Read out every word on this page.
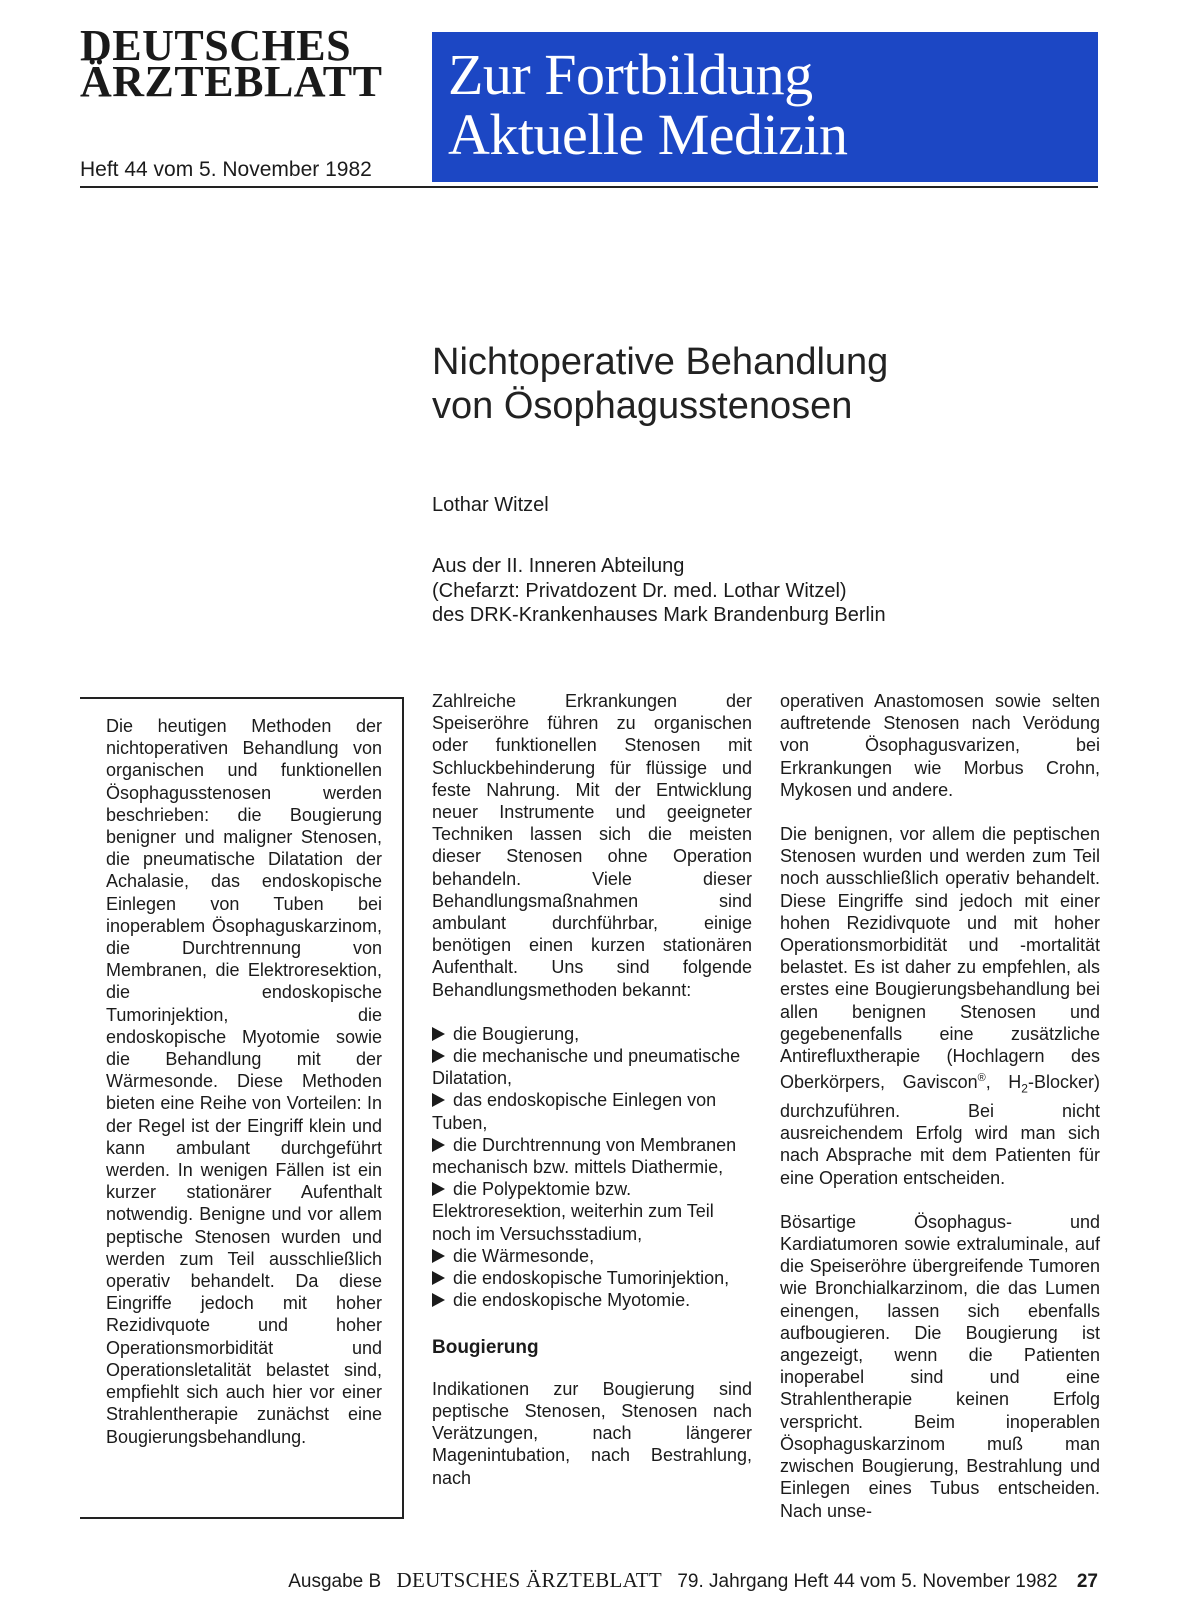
DEUTSCHES
ÄRZTEBLATT
Heft 44 vom 5. November 1982
Zur Fortbildung
Aktuelle Medizin
Nichtoperative Behandlung
von Ösophagusstenosen
Lothar Witzel
Aus der II. Inneren Abteilung
(Chefarzt: Privatdozent Dr. med. Lothar Witzel)
des DRK-Krankenhauses Mark Brandenburg Berlin
Die heutigen Methoden der nichtoperativen Behandlung von organischen und funktionellen Ösophagusstenosen werden beschrieben: die Bougierung benigner und maligner Stenosen, die pneumatische Dilatation der Achalasie, das endoskopische Einlegen von Tuben bei inoperablem Ösophaguskarzinom, die Durchtrennung von Membranen, die Elektroresektion, die endoskopische Tumorinjektion, die endoskopische Myotomie sowie die Behandlung mit der Wärmesonde. Diese Methoden bieten eine Reihe von Vorteilen: In der Regel ist der Eingriff klein und kann ambulant durchgeführt werden. In wenigen Fällen ist ein kurzer stationärer Aufenthalt notwendig. Benigne und vor allem peptische Stenosen wurden und werden zum Teil ausschließlich operativ behandelt. Da diese Eingriffe jedoch mit hoher Rezidivquote und hoher Operationsmorbidität und Operationsletalität belastet sind, empfiehlt sich auch hier vor einer Strahlentherapie zunächst eine Bougierungsbehandlung.

Zahlreiche Erkrankungen der Speiseröhre führen zu organischen oder funktionellen Stenosen mit Schluckbehinderung für flüssige und feste Nahrung. Mit der Entwicklung neuer Instrumente und geeigneter Techniken lassen sich die meisten dieser Stenosen ohne Operation behandeln. Viele dieser Behandlungsmaßnahmen sind ambulant durchführbar, einige benötigen einen kurzen stationären Aufenthalt. Uns sind folgende Behandlungsmethoden bekannt:

die Bougierung,
die mechanische und pneumatische Dilatation,
das endoskopische Einlegen von Tuben,
die Durchtrennung von Membranen mechanisch bzw. mittels Diathermie,
die Polypektomie bzw. Elektroresektion, weiterhin zum Teil noch im Versuchsstadium,
die Wärmesonde,
die endoskopische Tumorinjektion,
die endoskopische Myotomie.

Bougierung

Indikationen zur Bougierung sind peptische Stenosen, Stenosen nach Verätzungen, nach längerer Magenintubation, nach Bestrahlung, nach

operativen Anastomosen sowie selten auftretende Stenosen nach Verödung von Ösophagusvarizen, bei Erkrankungen wie Morbus Crohn, Mykosen und andere.

Die benignen, vor allem die peptischen Stenosen wurden und werden zum Teil noch ausschließlich operativ behandelt. Diese Eingriffe sind jedoch mit einer hohen Rezidivquote und mit hoher Operationsmorbidität und -mortalität belastet. Es ist daher zu empfehlen, als erstes eine Bougierungsbehandlung bei allen benignen Stenosen und gegebenenfalls eine zusätzliche Antirefluxtherapie (Hochlagern des Oberkörpers, Gaviscon®, $H_2-Blocker$) durchzuführen. Bei nicht ausreichendem Erfolg wird man sich nach Absprache mit dem Patienten für eine Operation entscheiden.

Bösartige Ösophagus- und Kardiatumoren sowie extraluminale, auf die Speiseröhre übergreifende Tumoren wie Bronchialkarzinom, die das Lumen einengen, lassen sich ebenfalls aufbougieren. Die Bougierung ist angezeigt, wenn die Patienten inoperabel sind und eine Strahlentherapie keinen Erfolg verspricht. Beim inoperablen Ösophaguskarzinom muß man zwischen Bougierung, Bestrahlung und Einlegen eines Tubus entscheiden. Nach unse-

Ausgabe B DEUTSCHES ÄRZTEBLATT 79. Jahrgang Heft 44 vom 5. November 1982 27
